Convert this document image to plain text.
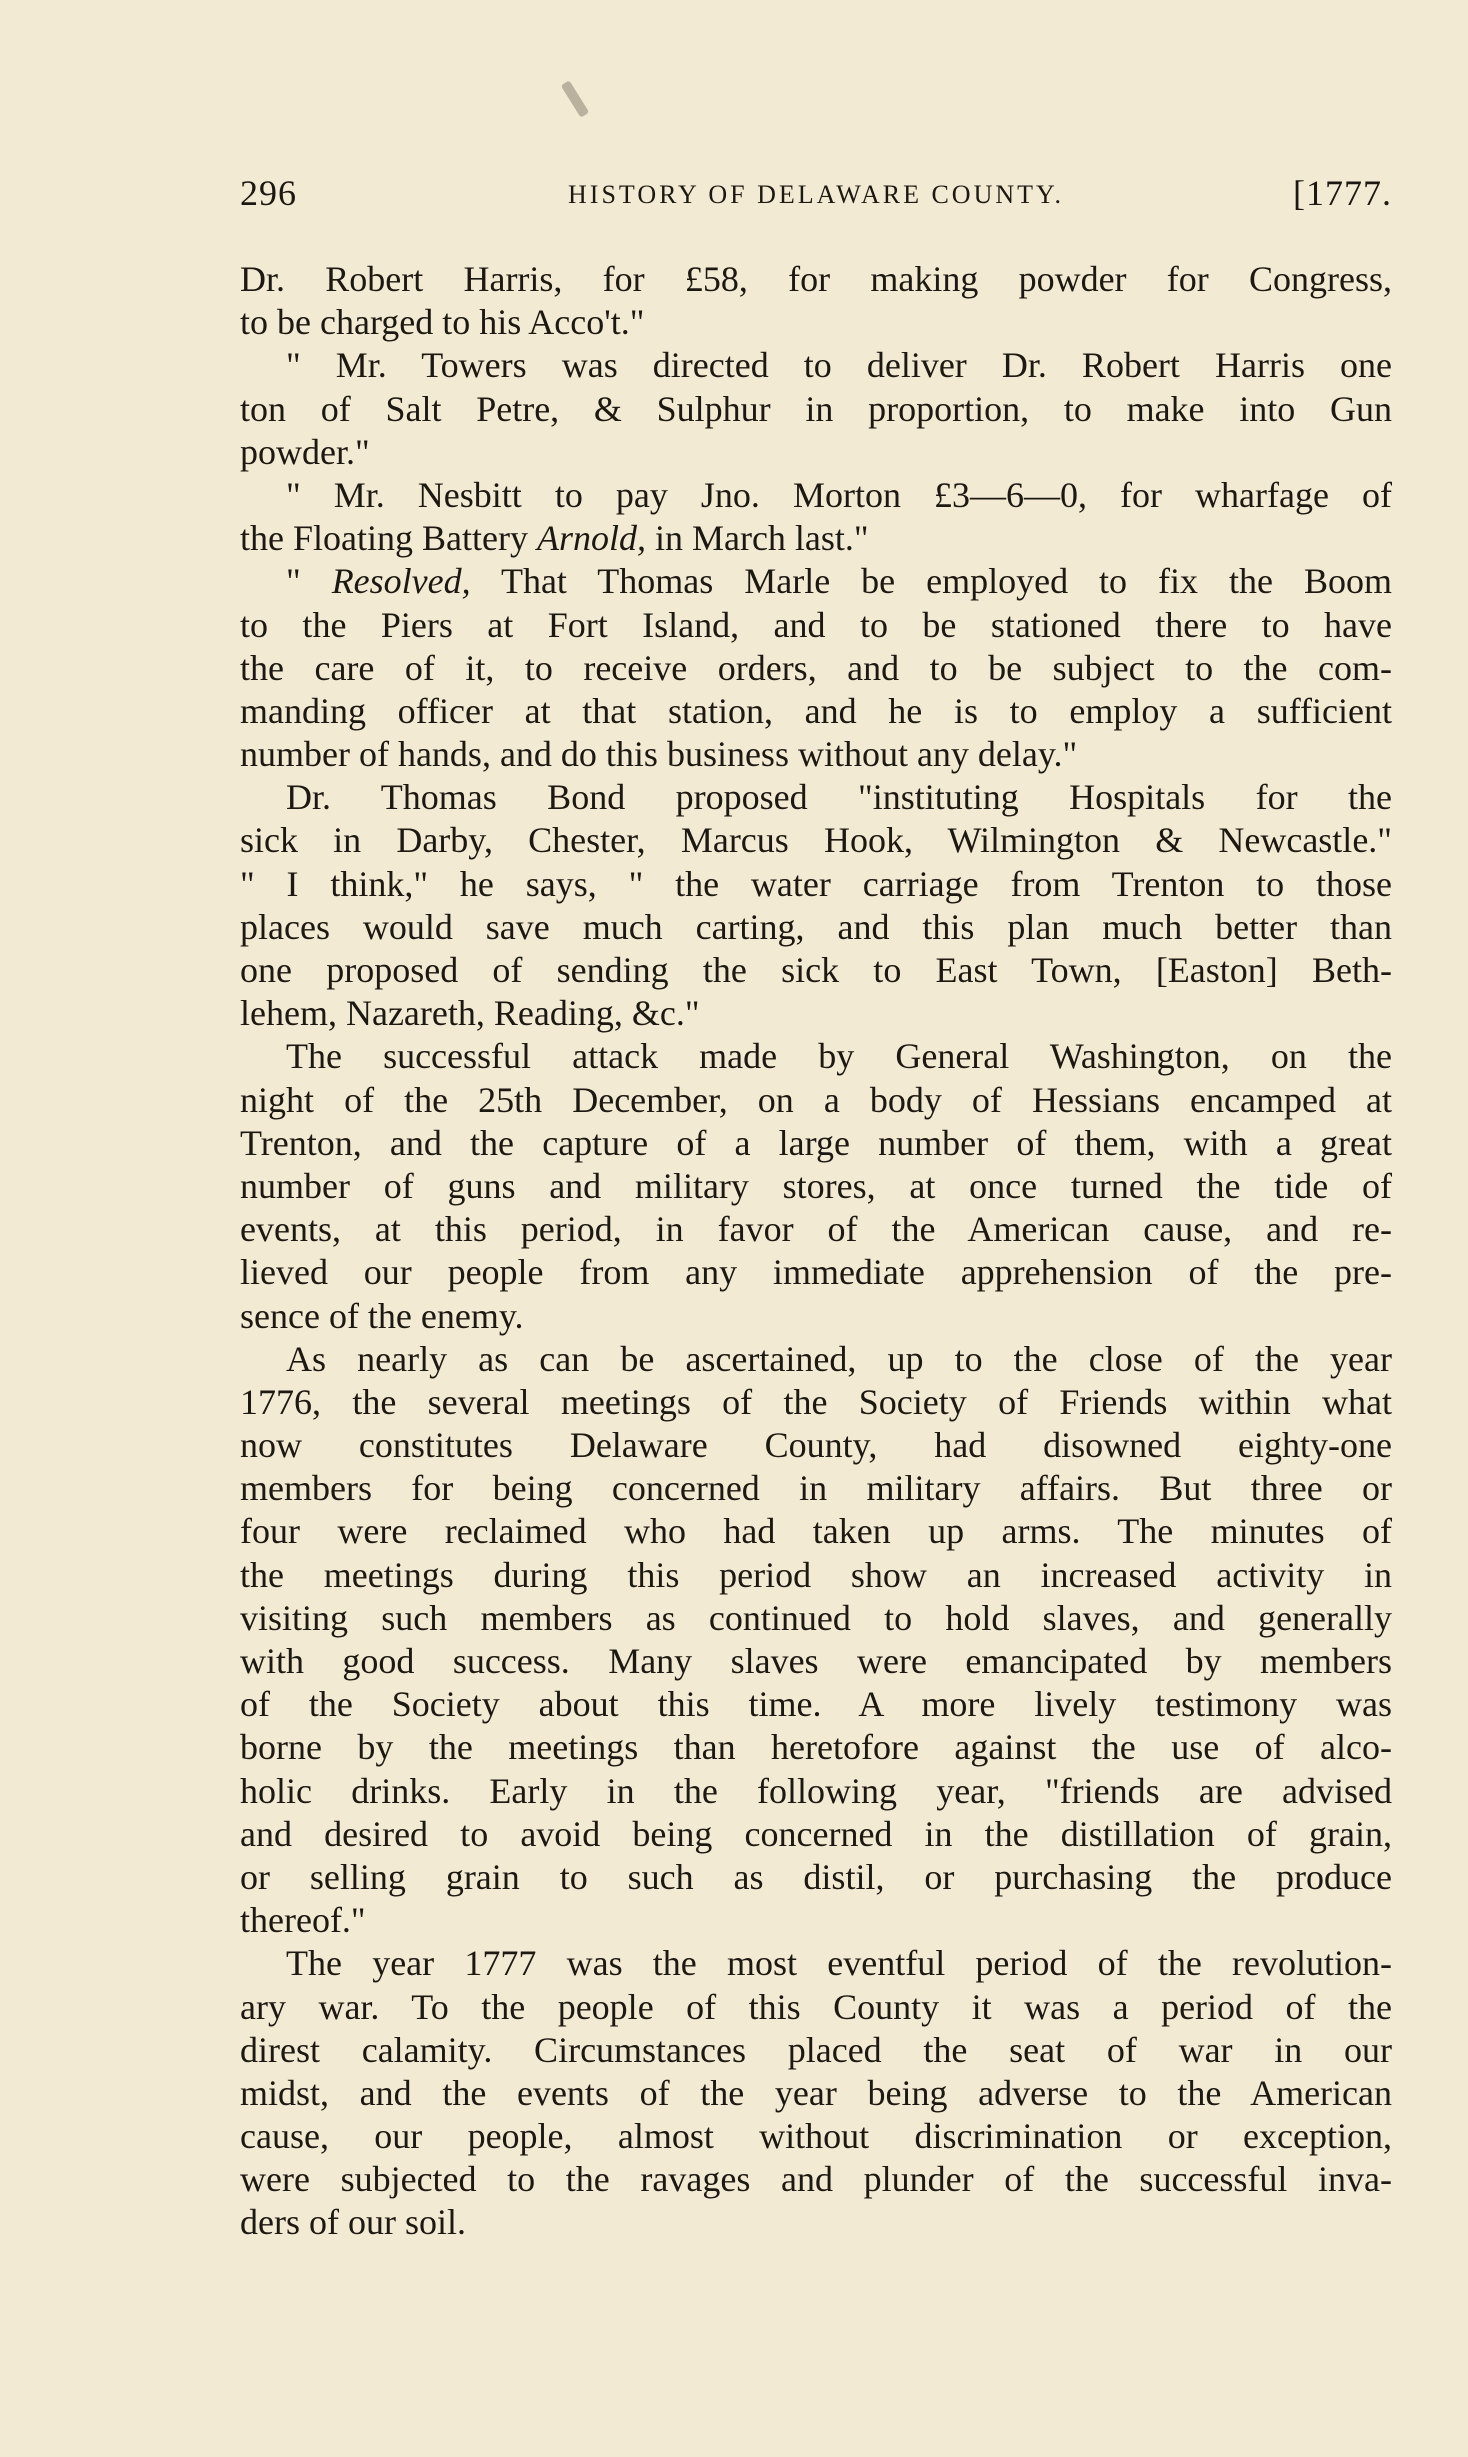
296	HISTORY OF DELAWARE COUNTY.	[1777.
Dr. Robert Harris, for £58, for making powder for Congress,
to be charged to his Acco't."
" Mr. Towers was directed to deliver Dr. Robert Harris one
ton of Salt Petre, & Sulphur in proportion, to make into Gun
powder."
" Mr. Nesbitt to pay Jno. Morton £3—6—0, for wharfage of
the Floating Battery Arnold, in March last."
" Resolved, That Thomas Marle be employed to fix the Boom
to the Piers at Fort Island, and to be stationed there to have
the care of it, to receive orders, and to be subject to the com-
manding officer at that station, and he is to employ a sufficient
number of hands, and do this business without any delay."
Dr. Thomas Bond proposed "instituting Hospitals for the
sick in Darby, Chester, Marcus Hook, Wilmington & Newcastle."
" I think," he says, " the water carriage from Trenton to those
places would save much carting, and this plan much better than
one proposed of sending the sick to East Town, [Easton] Beth-
lehem, Nazareth, Reading, &c."
The successful attack made by General Washington, on the
night of the 25th December, on a body of Hessians encamped at
Trenton, and the capture of a large number of them, with a great
number of guns and military stores, at once turned the tide of
events, at this period, in favor of the American cause, and re-
lieved our people from any immediate apprehension of the pre-
sence of the enemy.
As nearly as can be ascertained, up to the close of the year
1776, the several meetings of the Society of Friends within what
now constitutes Delaware County, had disowned eighty-one
members for being concerned in military affairs. But three or
four were reclaimed who had taken up arms. The minutes of
the meetings during this period show an increased activity in
visiting such members as continued to hold slaves, and generally
with good success. Many slaves were emancipated by members
of the Society about this time. A more lively testimony was
borne by the meetings than heretofore against the use of alco-
holic drinks. Early in the following year, "friends are advised
and desired to avoid being concerned in the distillation of grain,
or selling grain to such as distil, or purchasing the produce
thereof."
The year 1777 was the most eventful period of the revolution-
ary war. To the people of this County it was a period of the
direst calamity. Circumstances placed the seat of war in our
midst, and the events of the year being adverse to the American
cause, our people, almost without discrimination or exception,
were subjected to the ravages and plunder of the successful inva-
ders of our soil.
